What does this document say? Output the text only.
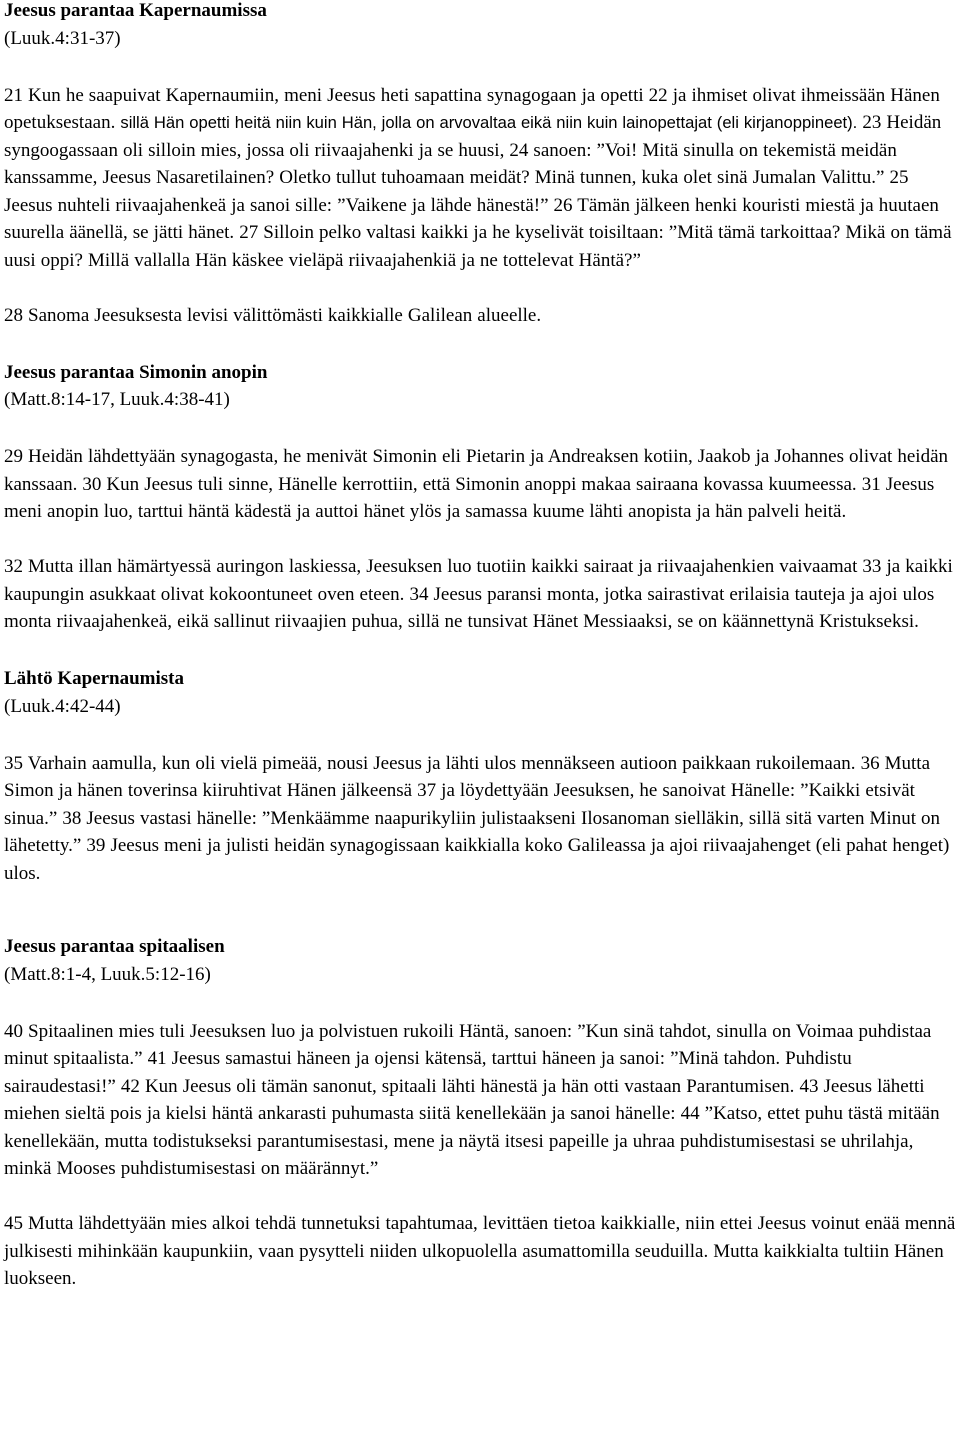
Jeesus parantaa Kapernaumissa

(Luuk.4:31-37)

21 Kun he saapuivat Kapernaumiin, meni Jeesus heti sapattina synagogaan ja opetti 22 ja ihmiset olivat ihmeissään Hänen opetuksestaan. sillä Hän opetti heitä niin kuin Hän, jolla on arvovaltaa eikä niin kuin lainopettajat (eli kirjanoppineet). 23 Heidän syngoogassaan oli silloin mies, jossa oli riivaajahenki ja se huusi, 24 sanoen: ”Voi! Mitä sinulla on tekemistä meidän kanssamme, Jeesus Nasaretilainen? Oletko tullut tuhoamaan meidät? Minä tunnen, kuka olet sinä Jumalan Valittu.” 25 Jeesus nuhteli riivaajahenkeä ja sanoi sille: ”Vaikene ja lähde hänestä!” 26 Tämän jälkeen henki kouristi miestä ja huutaen suurella äänellä, se jätti hänet. 27 Silloin pelko valtasi kaikki ja he kyselivät toisiltaan: ”Mitä tämä tarkoittaa? Mikä on tämä uusi oppi? Millä vallalla Hän käskee vieläpä riivaajahenkiä ja ne tottelevat Häntä?”

28 Sanoma Jeesuksesta levisi välittömästi kaikkialle Galilean alueelle.

Jeesus parantaa Simonin anopin

(Matt.8:14-17, Luuk.4:38-41)

29 Heidän lähdettyään synagogasta, he menivät Simonin eli Pietarin ja Andreaksen kotiin, Jaakob ja Johannes olivat heidän kanssaan. 30 Kun Jeesus tuli sinne, Hänelle kerrottiin, että Simonin anoppi makaa sairaana kovassa kuumeessa. 31 Jeesus meni anopin luo, tarttui häntä kädestä ja auttoi hänet ylös ja samassa kuume lähti anopista ja hän palveli heitä.

32 Mutta illan hämärtyessä auringon laskiessa, Jeesuksen luo tuotiin kaikki sairaat ja riivaajahenkien vaivaamat 33 ja kaikki kaupungin asukkaat olivat kokoontuneet oven eteen. 34 Jeesus paransi monta, jotka sairastivat erilaisia tauteja ja ajoi ulos monta riivaajahenkeä, eikä sallinut riivaajien puhua, sillä ne tunsivat Hänet Messiaaksi, se on käännettynä Kristukseksi.

Lähtö Kapernaumista

(Luuk.4:42-44)

35 Varhain aamulla, kun oli vielä pimeää, nousi Jeesus ja lähti ulos mennäkseen autioon paikkaan rukoilemaan. 36 Mutta Simon ja hänen toverinsa kiiruhtivat Hänen jälkeensä 37 ja löydettyään Jeesuksen, he sanoivat Hänelle: ”Kaikki etsivät sinua.” 38 Jeesus vastasi hänelle: ”Menkäämme naapurikyliin julistaakseni Ilosanoman sielläkin, sillä sitä varten Minut on lähetetty.” 39 Jeesus meni ja julisti heidän synagogissaan kaikkialla koko Galileassa ja ajoi riivaajahenget (eli pahat henget) ulos.

Jeesus parantaa spitaalisen

(Matt.8:1-4, Luuk.5:12-16)

40 Spitaalinen mies tuli Jeesuksen luo ja polvistuen rukoili Häntä, sanoen: ”Kun sinä tahdot, sinulla on Voimaa puhdistaa minut spitaalista.” 41 Jeesus samastui häneen ja ojensi kätensä, tarttui häneen ja sanoi: ”Minä tahdon. Puhdistu sairaudestasi!” 42 Kun Jeesus oli tämän sanonut, spitaali lähti hänestä ja hän otti vastaan Parantumisen. 43 Jeesus lähetti miehen sieltä pois ja kielsi häntä ankarasti puhumasta siitä kenellekään ja sanoi hänelle: 44 ”Katso, ettet puhu tästä mitään kenellekään, mutta todistukseksi parantumisestasi, mene ja näytä itsesi papeille ja uhraa puhdistumisestasi se uhrilahja, minkä Mooses puhdistumisestasi on määrännyt.”

45 Mutta lähdettyään mies alkoi tehdä tunnetuksi tapahtumaa, levittäen tietoa kaikkialle, niin ettei Jeesus voinut enää mennä julkisesti mihinkään kaupunkiin, vaan pysytteli niiden ulkopuolella asumattomilla seuduilla. Mutta kaikkialta tultiin Hänen luokseen.
